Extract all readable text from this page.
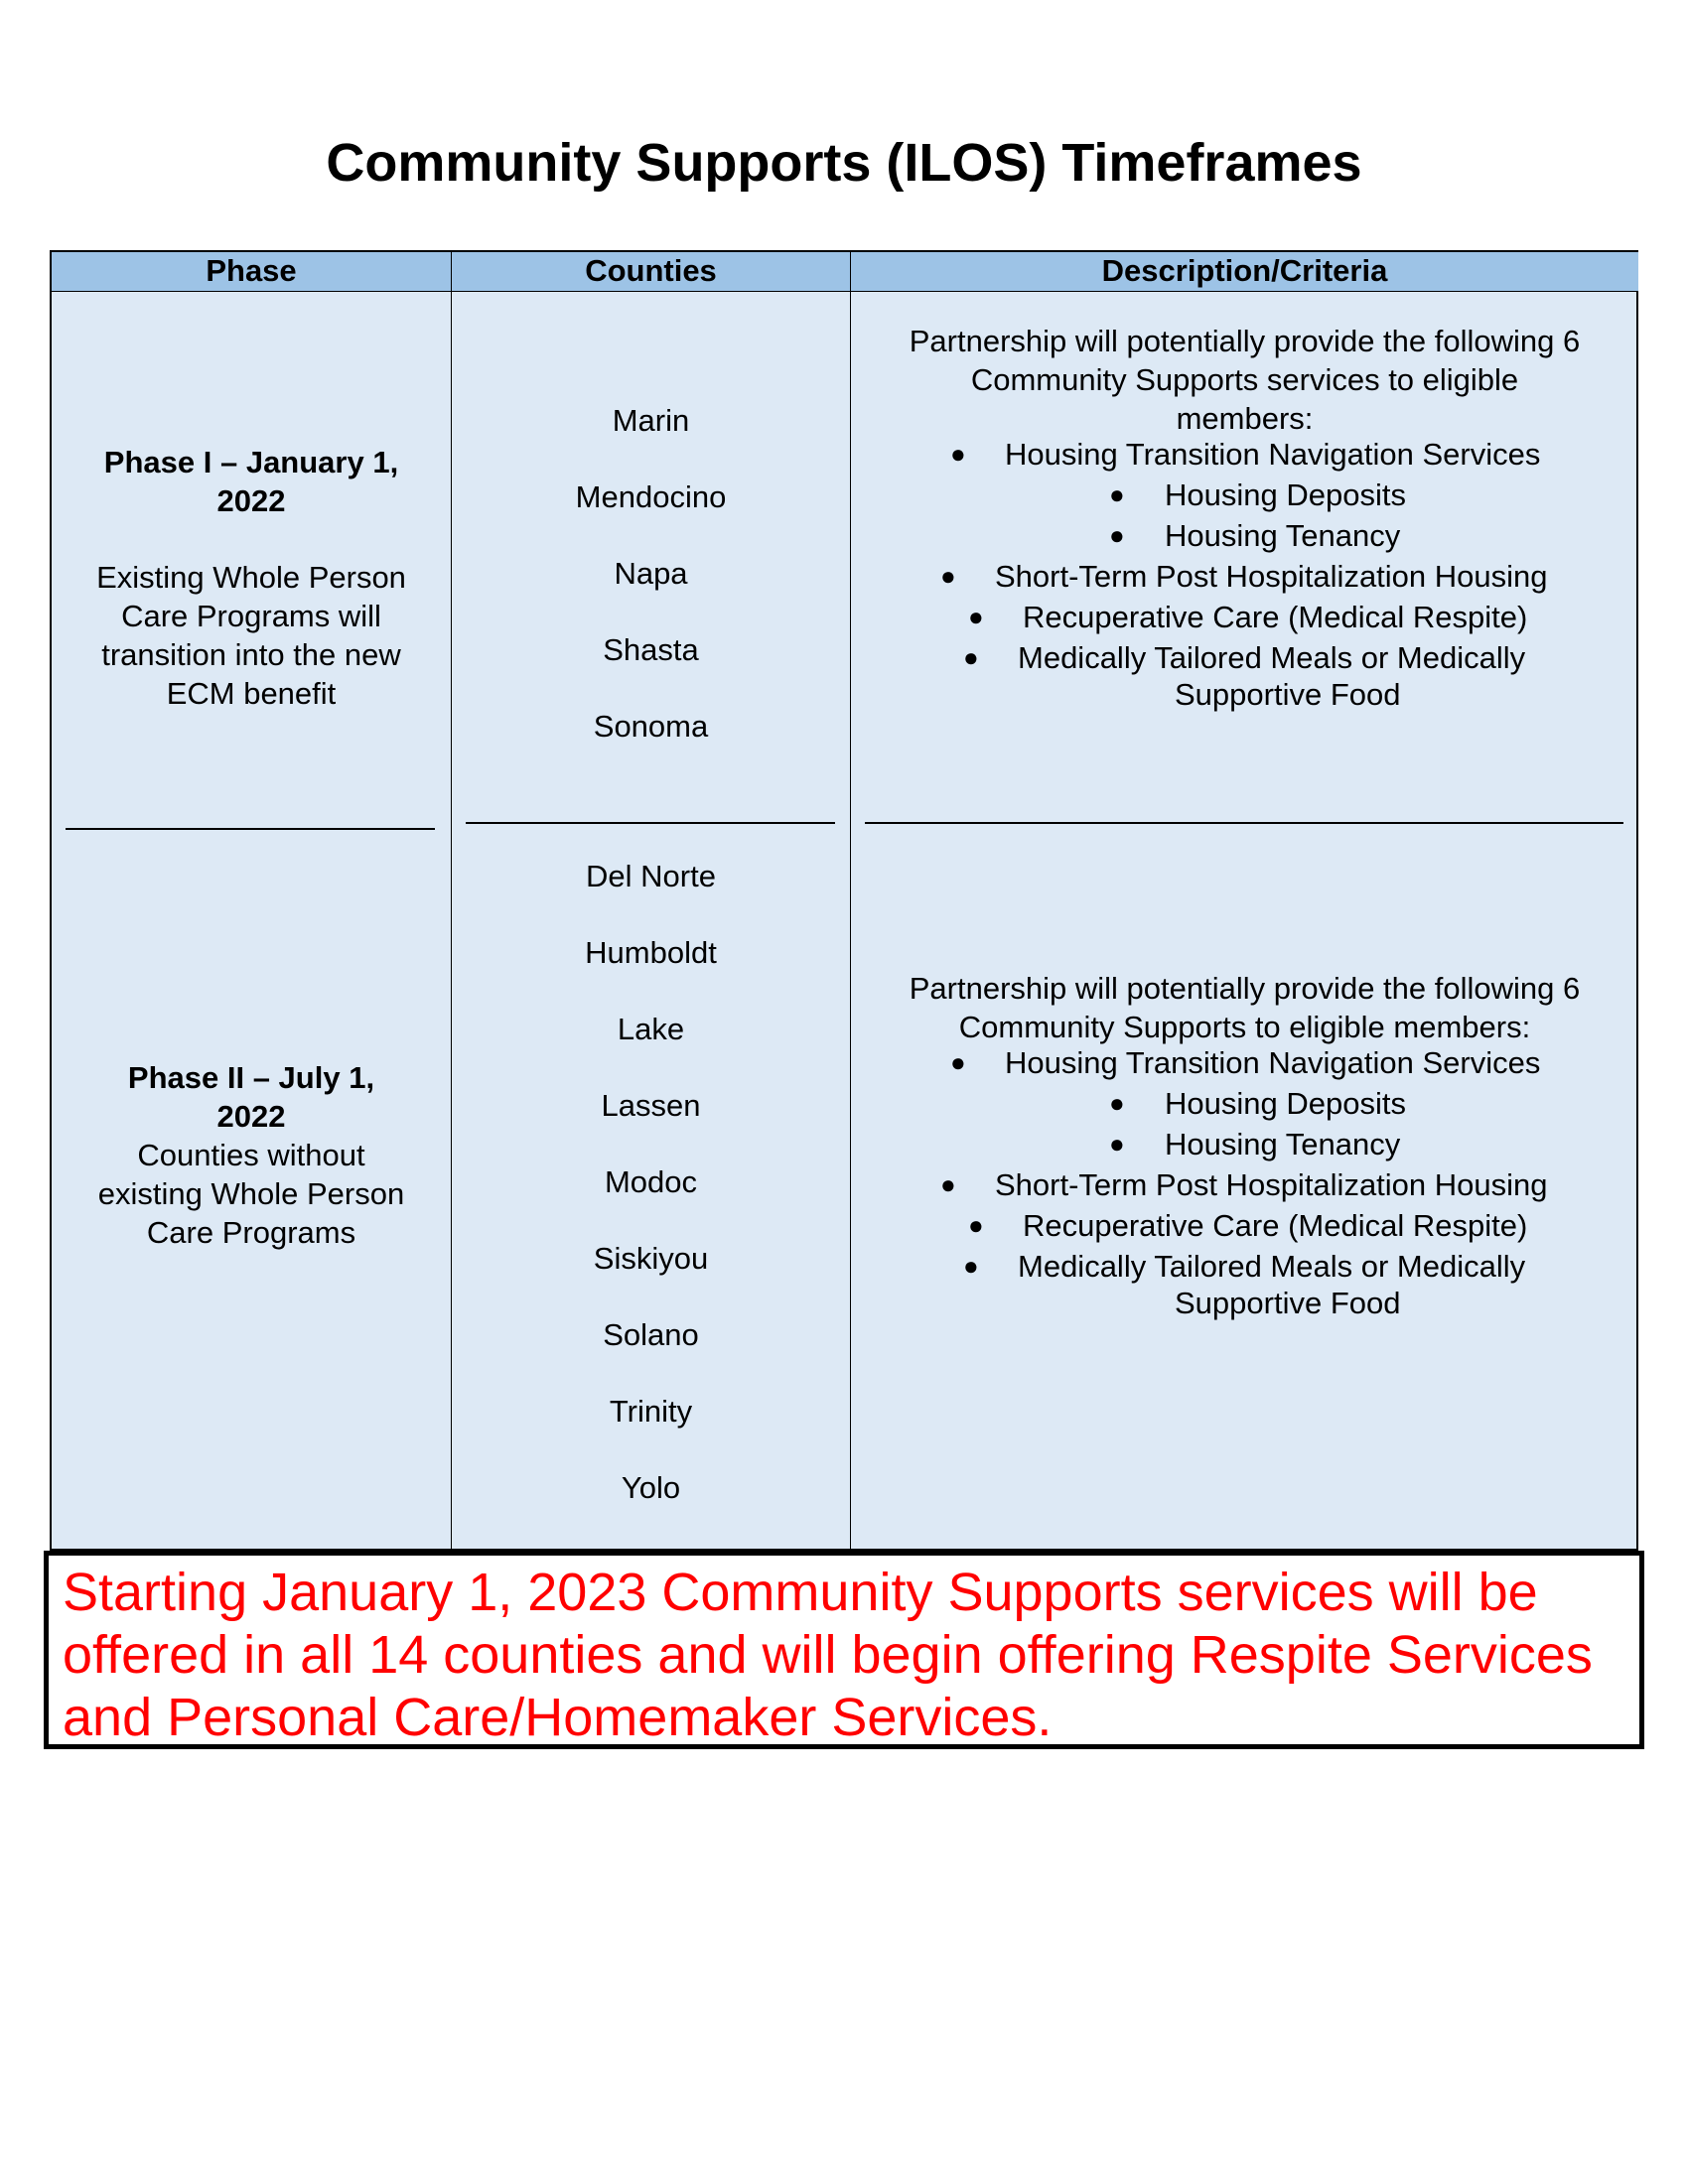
Community Supports (ILOS) Timeframes
Phase	Counties	Description/Criteria
Phase I – January 1,
2022
Existing Whole Person
Care Programs will
transition into the new
ECM benefit
Phase II – July 1,
2022
Counties without
existing Whole Person
Care Programs
Marin
Mendocino
Napa
Shasta
Sonoma
Del Norte
Humboldt
Lake
Lassen
Modoc
Siskiyou
Solano
Trinity
Yolo
Partnership will potentially provide the following 6
Community Supports services to eligible
members:
● Housing Transition Navigation Services
● Housing Deposits
● Housing Tenancy
● Short-Term Post Hospitalization Housing
● Recuperative Care (Medical Respite)
● Medically Tailored Meals or Medically
Supportive Food
Partnership will potentially provide the following 6
Community Supports to eligible members:
● Housing Transition Navigation Services
● Housing Deposits
● Housing Tenancy
● Short-Term Post Hospitalization Housing
● Recuperative Care (Medical Respite)
● Medically Tailored Meals or Medically
Supportive Food
Starting January 1, 2023 Community Supports services will be offered in all 14 counties and will begin offering Respite Services and Personal Care/Homemaker Services.
